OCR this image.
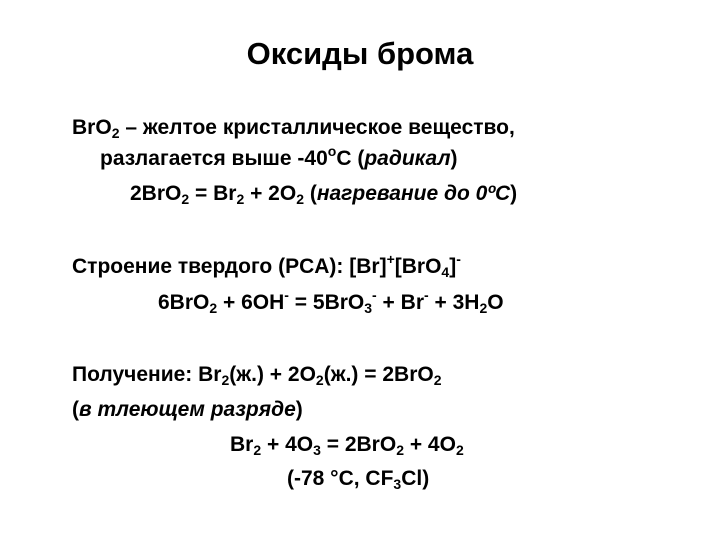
Оксиды брома
BrO$_2$ – желтое кристаллическое вещество,
разлагается выше -40$^o$C (радикал)
$2BrO_2 = Br_2 + 2O_2$ (нагревание до 0ºC)
Строение твердого (PCA): [Br]+[BrO$_4$]-
$6BrO_2 + 6OH^- = 5BrO_3^- + Br^- + 3H_2O$
Получение: $Br_2(ж.) + 2O_2(ж.) = 2BrO_2$
(в тлеющем разряде)
$Br_2 + 4O_3 = 2BrO_2 + 4O_2$
(-78 °C, $CF_3Cl$)
